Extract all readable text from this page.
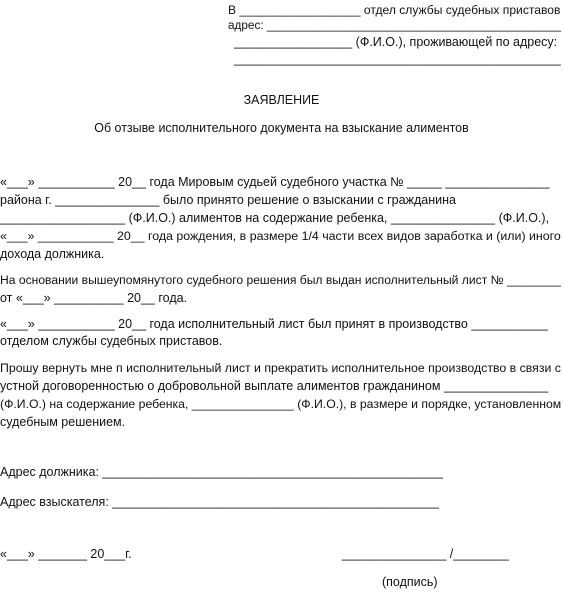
В __________________ отдел службы судебных приставов
адрес: _____________________________________________
_________________ (Ф.И.О.), проживающей по адресу:
_______________________________________________
ЗАЯВЛЕНИЕ
Об отзыве исполнительного документа на взыскание алиментов
«___» ___________ 20__ года Мировым судьей судебного участка № _____ _______________
района г. _______________ было принято решение о взыскании с гражданина
__________________ (Ф.И.О.) алиментов на содержание ребенка, _______________ (Ф.И.О.),
«___» ___________ 20__ года рождения, в размере 1/4 части всех видов заработка и (или) иного
дохода должника.
На основании вышеупомянутого судебного решения был выдан исполнительный лист № ________
от «___» __________ 20__ года.
«___» ___________ 20__ года исполнительный лист был принят в производство ___________
отделом службы судебных приставов.
Прошу вернуть мне п исполнительный лист и прекратить исполнительное производство в связи с
устной договоренностью о добровольной выплате алиментов гражданином _______________
(Ф.И.О.) на содержание ребенка, _______________ (Ф.И.О.), в размере и порядке, установленном
судебным решением.
Адрес должника: _________________________________________________
Адрес взыскателя: _______________________________________________
«___» _______ 20___г.	_______________ /________
(подпись)
